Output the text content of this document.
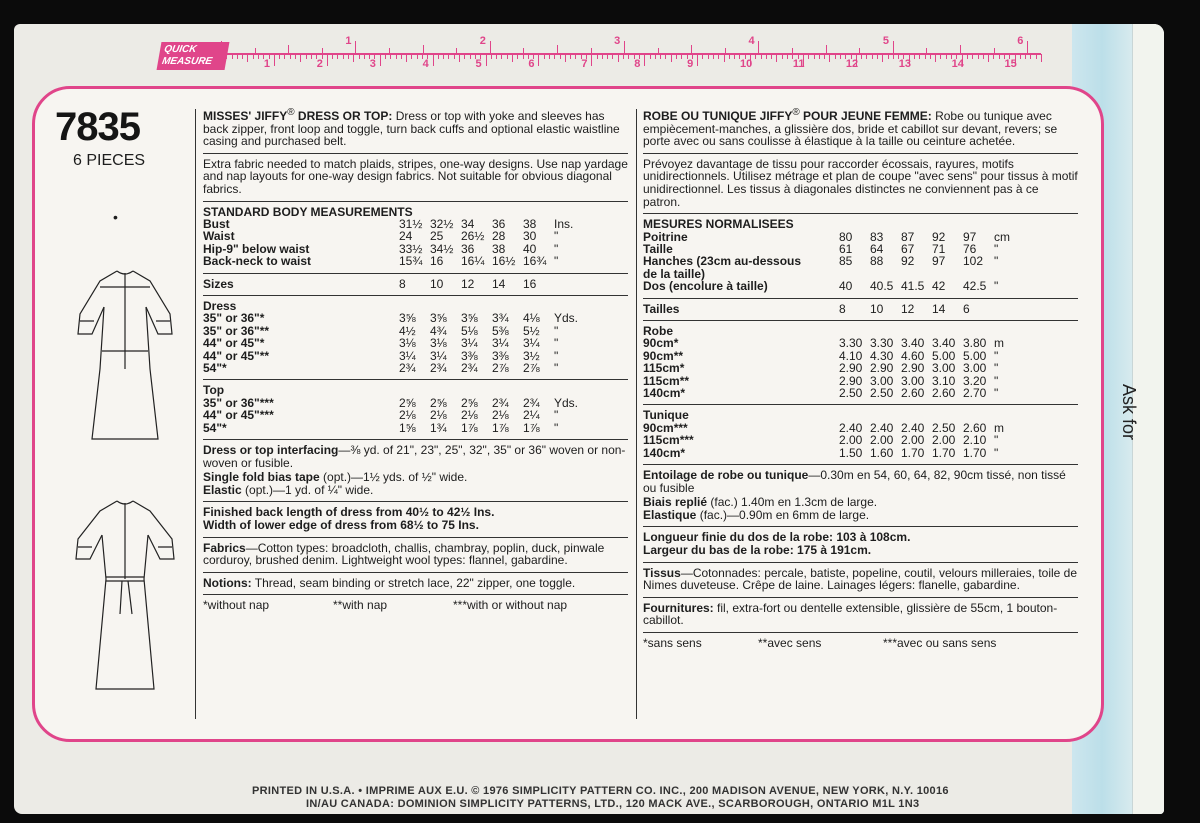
Ask for
QUICK MEASURE	1	2	3	4	5	6	7	8	9	10	11	12	13	14	15
1	2	3	4	5	6
7835
6 PIECES
•

MISSES' JIFFY® DRESS OR TOP: Dress or top with yoke and sleeves has back zipper, front loop and toggle, turn back cuffs and optional elastic waistline casing and purchased belt.

Extra fabric needed to match plaids, stripes, one-way designs. Use nap yardage and nap layouts for one-way design fabrics. Not suitable for obvious diagonal fabrics.

STANDARD BODY MEASUREMENTS						
Bust	31½	32½	34	36	38	Ins.
Waist	24	25	26½	28	30	"
Hip-9" below waist	33½	34½	36	38	40	"
Back-neck to waist	15¾	16	16¼	16½	16¾	"
Sizes	8	10	12	14	16	
Dress						
35" or 36"*	3⅝	3⅝	3⅝	3¾	4⅛	Yds.
35" or 36"**	4½	4¾	5⅛	5⅜	5½	"
44" or 45"*	3⅛	3⅛	3¼	3¼	3¼	"
44" or 45"**	3¼	3¼	3⅜	3⅜	3½	"
54"*	2¾	2¾	2¾	2⅞	2⅞	"
Top						
35" or 36"***	2⅝	2⅝	2⅝	2¾	2¾	Yds.
44" or 45"***	2⅛	2⅛	2⅛	2⅛	2¼	"
54"*	1⅝	1¾	1⅞	1⅞	1⅞	"

Dress or top interfacing—⅜ yd. of 21", 23", 25", 32", 35" or 36" woven or non-woven or fusible.

Single fold bias tape (opt.)—1½ yds. of ½" wide.

Elastic (opt.)—1 yd. of ¼" wide.

Finished back length of dress from 40½ to 42½ Ins.

Width of lower edge of dress from 68½ to 75 Ins.

Fabrics—Cotton types: broadcloth, challis, chambray, poplin, duck, pinwale corduroy, brushed denim. Lightweight wool types: flannel, gabardine.

Notions: Thread, seam binding or stretch lace, 22" zipper, one toggle.

*without nap	**with nap	***with or without nap

ROBE OU TUNIQUE JIFFY® POUR JEUNE FEMME: Robe ou tunique avec empiècement-manches, a glissière dos, bride et cabillot sur devant, revers; se porte avec ou sans coulisse à élastique à la taille ou ceinture achetée.

Prévoyez davantage de tissu pour raccorder écossais, rayures, motifs unidirectionnels. Utilisez métrage et plan de coupe "avec sens" pour tissus à motif unidirectionnel. Les tissus à diagonales distinctes ne conviennent pas à ce patron.

MESURES NORMALISEES						
Poitrine	80	83	87	92	97	cm
Taille	61	64	67	71	76	"
Hanches (23cm au-dessous	85	88	92	97	102	"
de la taille)						
Dos (encolure à taille)	40	40.5	41.5	42	42.5	"
Tailles	8	10	12	14	6	
Robe						
90cm*	3.30	3.30	3.40	3.40	3.80	m
90cm**	4.10	4.30	4.60	5.00	5.00	"
115cm*	2.90	2.90	2.90	3.00	3.00	"
115cm**	2.90	3.00	3.00	3.10	3.20	"
140cm*	2.50	2.50	2.60	2.60	2.70	"
Tunique						
90cm***	2.40	2.40	2.40	2.50	2.60	m
115cm***	2.00	2.00	2.00	2.00	2.10	"
140cm*	1.50	1.60	1.70	1.70	1.70	"

Entoilage de robe ou tunique—0.30m en 54, 60, 64, 82, 90cm tissé, non tissé ou fusible

Biais replié (fac.) 1.40m en 1.3cm de large.

Elastique (fac.)—0.90m en 6mm de large.

Longueur finie du dos de la robe: 103 à 108cm.

Largeur du bas de la robe: 175 à 191cm.

Tissus—Cotonnades: percale, batiste, popeline, coutil, velours milleraies, toile de Nimes duveteuse. Crêpe de laine. Lainages légers: flanelle, gabardine.

Fournitures: fil, extra-fort ou dentelle extensible, glissière de 55cm, 1 bouton-cabillot.

*sans sens	**avec sens	***avec ou sans sens
PRINTED IN U.S.A. • IMPRIME AUX E.U. © 1976 SIMPLICITY PATTERN CO. INC., 200 MADISON AVENUE, NEW YORK, N.Y. 10016
IN/AU CANADA: DOMINION SIMPLICITY PATTERNS, LTD., 120 MACK AVE., SCARBOROUGH, ONTARIO M1L 1N3
